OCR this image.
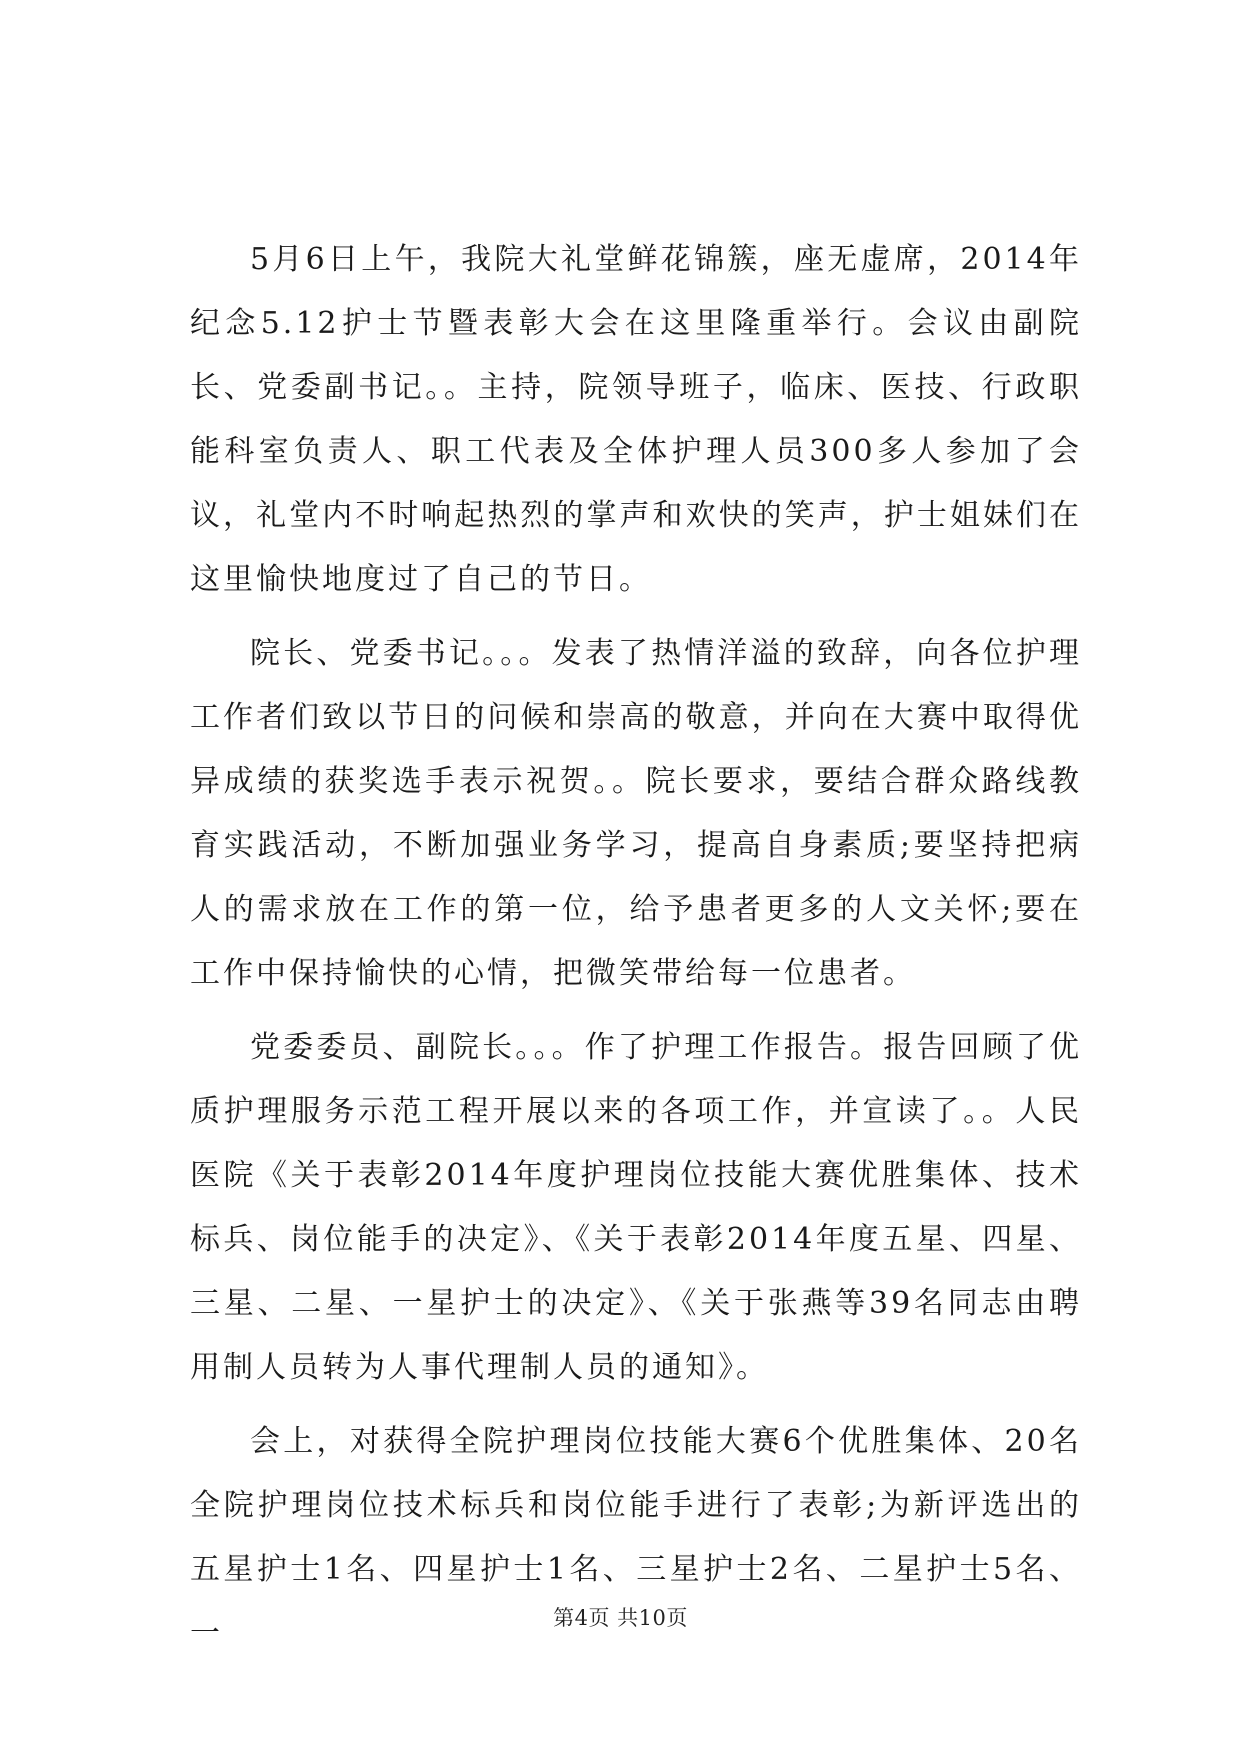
5月6日上午，我院大礼堂鲜花锦簇，座无虚席，2014年纪念5.12护士节暨表彰大会在这里隆重举行。会议由副院长、党委副书记。。主持，院领导班子，临床、医技、行政职能科室负责人、职工代表及全体护理人员300多人参加了会议，礼堂内不时响起热烈的掌声和欢快的笑声，护士姐妹们在这里愉快地度过了自己的节日。

院长、党委书记。。。发表了热情洋溢的致辞，向各位护理工作者们致以节日的问候和崇高的敬意，并向在大赛中取得优异成绩的获奖选手表示祝贺。。院长要求，要结合群众路线教育实践活动，不断加强业务学习，提高自身素质;要坚持把病人的需求放在工作的第一位，给予患者更多的人文关怀;要在工作中保持愉快的心情，把微笑带给每一位患者。

党委委员、副院长。。。作了护理工作报告。报告回顾了优质护理服务示范工程开展以来的各项工作，并宣读了。。人民医院《关于表彰2014年度护理岗位技能大赛优胜集体、技术标兵、岗位能手的决定》、《关于表彰2014年度五星、四星、三星、二星、一星护士的决定》、《关于张燕等39名同志由聘用制人员转为人事代理制人员的通知》。

会上，对获得全院护理岗位技能大赛6个优胜集体、20名全院护理岗位技术标兵和岗位能手进行了表彰;为新评选出的五星护士1名、四星护士1名、三星护士2名、二星护士5名、一	第4页 共10页
